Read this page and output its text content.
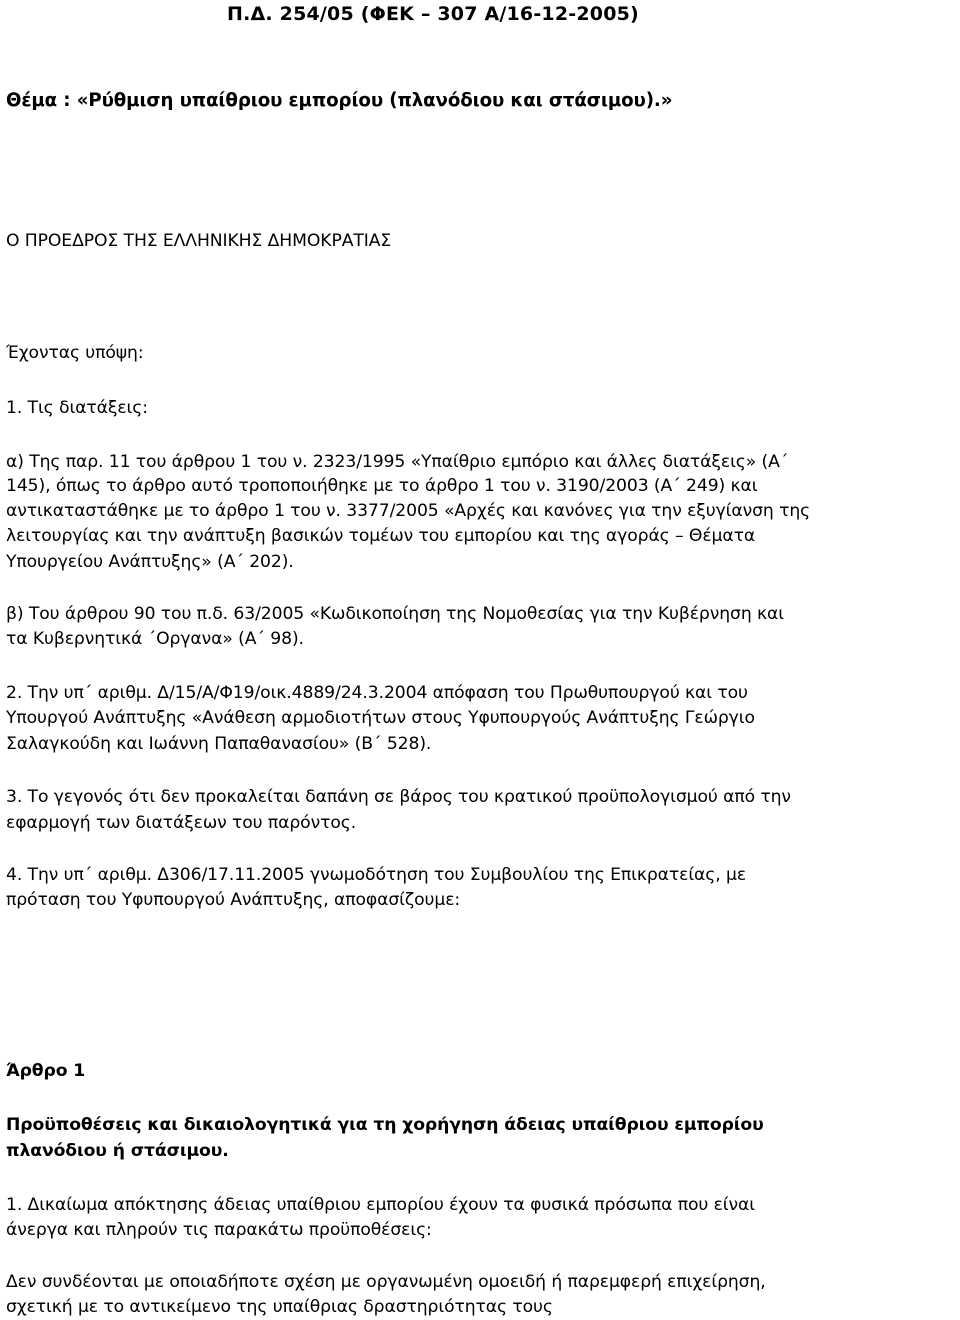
Π.Δ. 254/05 (ΦΕΚ – 307 Α/16-12-2005)
Θέμα : «Ρύθμιση υπαίθριου εμπορίου (πλανόδιου και στάσιμου).»
Ο ΠΡΟΕΔΡΟΣ ΤΗΣ ΕΛΛΗΝΙΚΗΣ ΔΗΜΟΚΡΑΤΙΑΣ
Έχοντας υπόψη:
1. Τις διατάξεις:
α) Της παρ. 11 του άρθρου 1 του ν. 2323/1995 «Υπαίθριο εμπόριο και άλλες διατάξεις» (Α΄
145), όπως το άρθρο αυτό τροποποιήθηκε με το άρθρο 1 του ν. 3190/2003 (Α΄ 249) και
αντικαταστάθηκε με το άρθρο 1 του ν. 3377/2005 «Αρχές και κανόνες για την εξυγίανση της
λειτουργίας και την ανάπτυξη βασικών τομέων του εμπορίου και της αγοράς – Θέματα
Υπουργείου Ανάπτυξης» (Α΄ 202).
β) Του άρθρου 90 του π.δ. 63/2005 «Κωδικοποίηση της Νομοθεσίας για την Κυβέρνηση και
τα Κυβερνητικά ΄Οργανα» (Α΄ 98).
2. Την υπ΄ αριθμ. Δ/15/Α/Φ19/οικ.4889/24.3.2004 απόφαση του Πρωθυπουργού και του
Υπουργού Ανάπτυξης «Ανάθεση αρμοδιοτήτων στους Υφυπουργούς Ανάπτυξης Γεώργιο
Σαλαγκούδη και Ιωάννη Παπαθανασίου» (Β΄ 528).
3. Το γεγονός ότι δεν προκαλείται δαπάνη σε βάρος του κρατικού προϋπολογισμού από την
εφαρμογή των διατάξεων του παρόντος.
4. Την υπ΄ αριθμ. Δ306/17.11.2005 γνωμοδότηση του Συμβουλίου της Επικρατείας, με
πρόταση του Υφυπουργού Ανάπτυξης, αποφασίζουμε:
Άρθρο 1
Προϋποθέσεις και δικαιολογητικά για τη χορήγηση άδειας υπαίθριου εμπορίου
πλανόδιου ή στάσιμου.
1. Δικαίωμα απόκτησης άδειας υπαίθριου εμπορίου έχουν τα φυσικά πρόσωπα που είναι
άνεργα και πληρούν τις παρακάτω προϋποθέσεις:
Δεν συνδέονται με οποιαδήποτε σχέση με οργανωμένη ομοειδή ή παρεμφερή επιχείρηση,
σχετική με το αντικείμενο της υπαίθριας δραστηριότητας τους
